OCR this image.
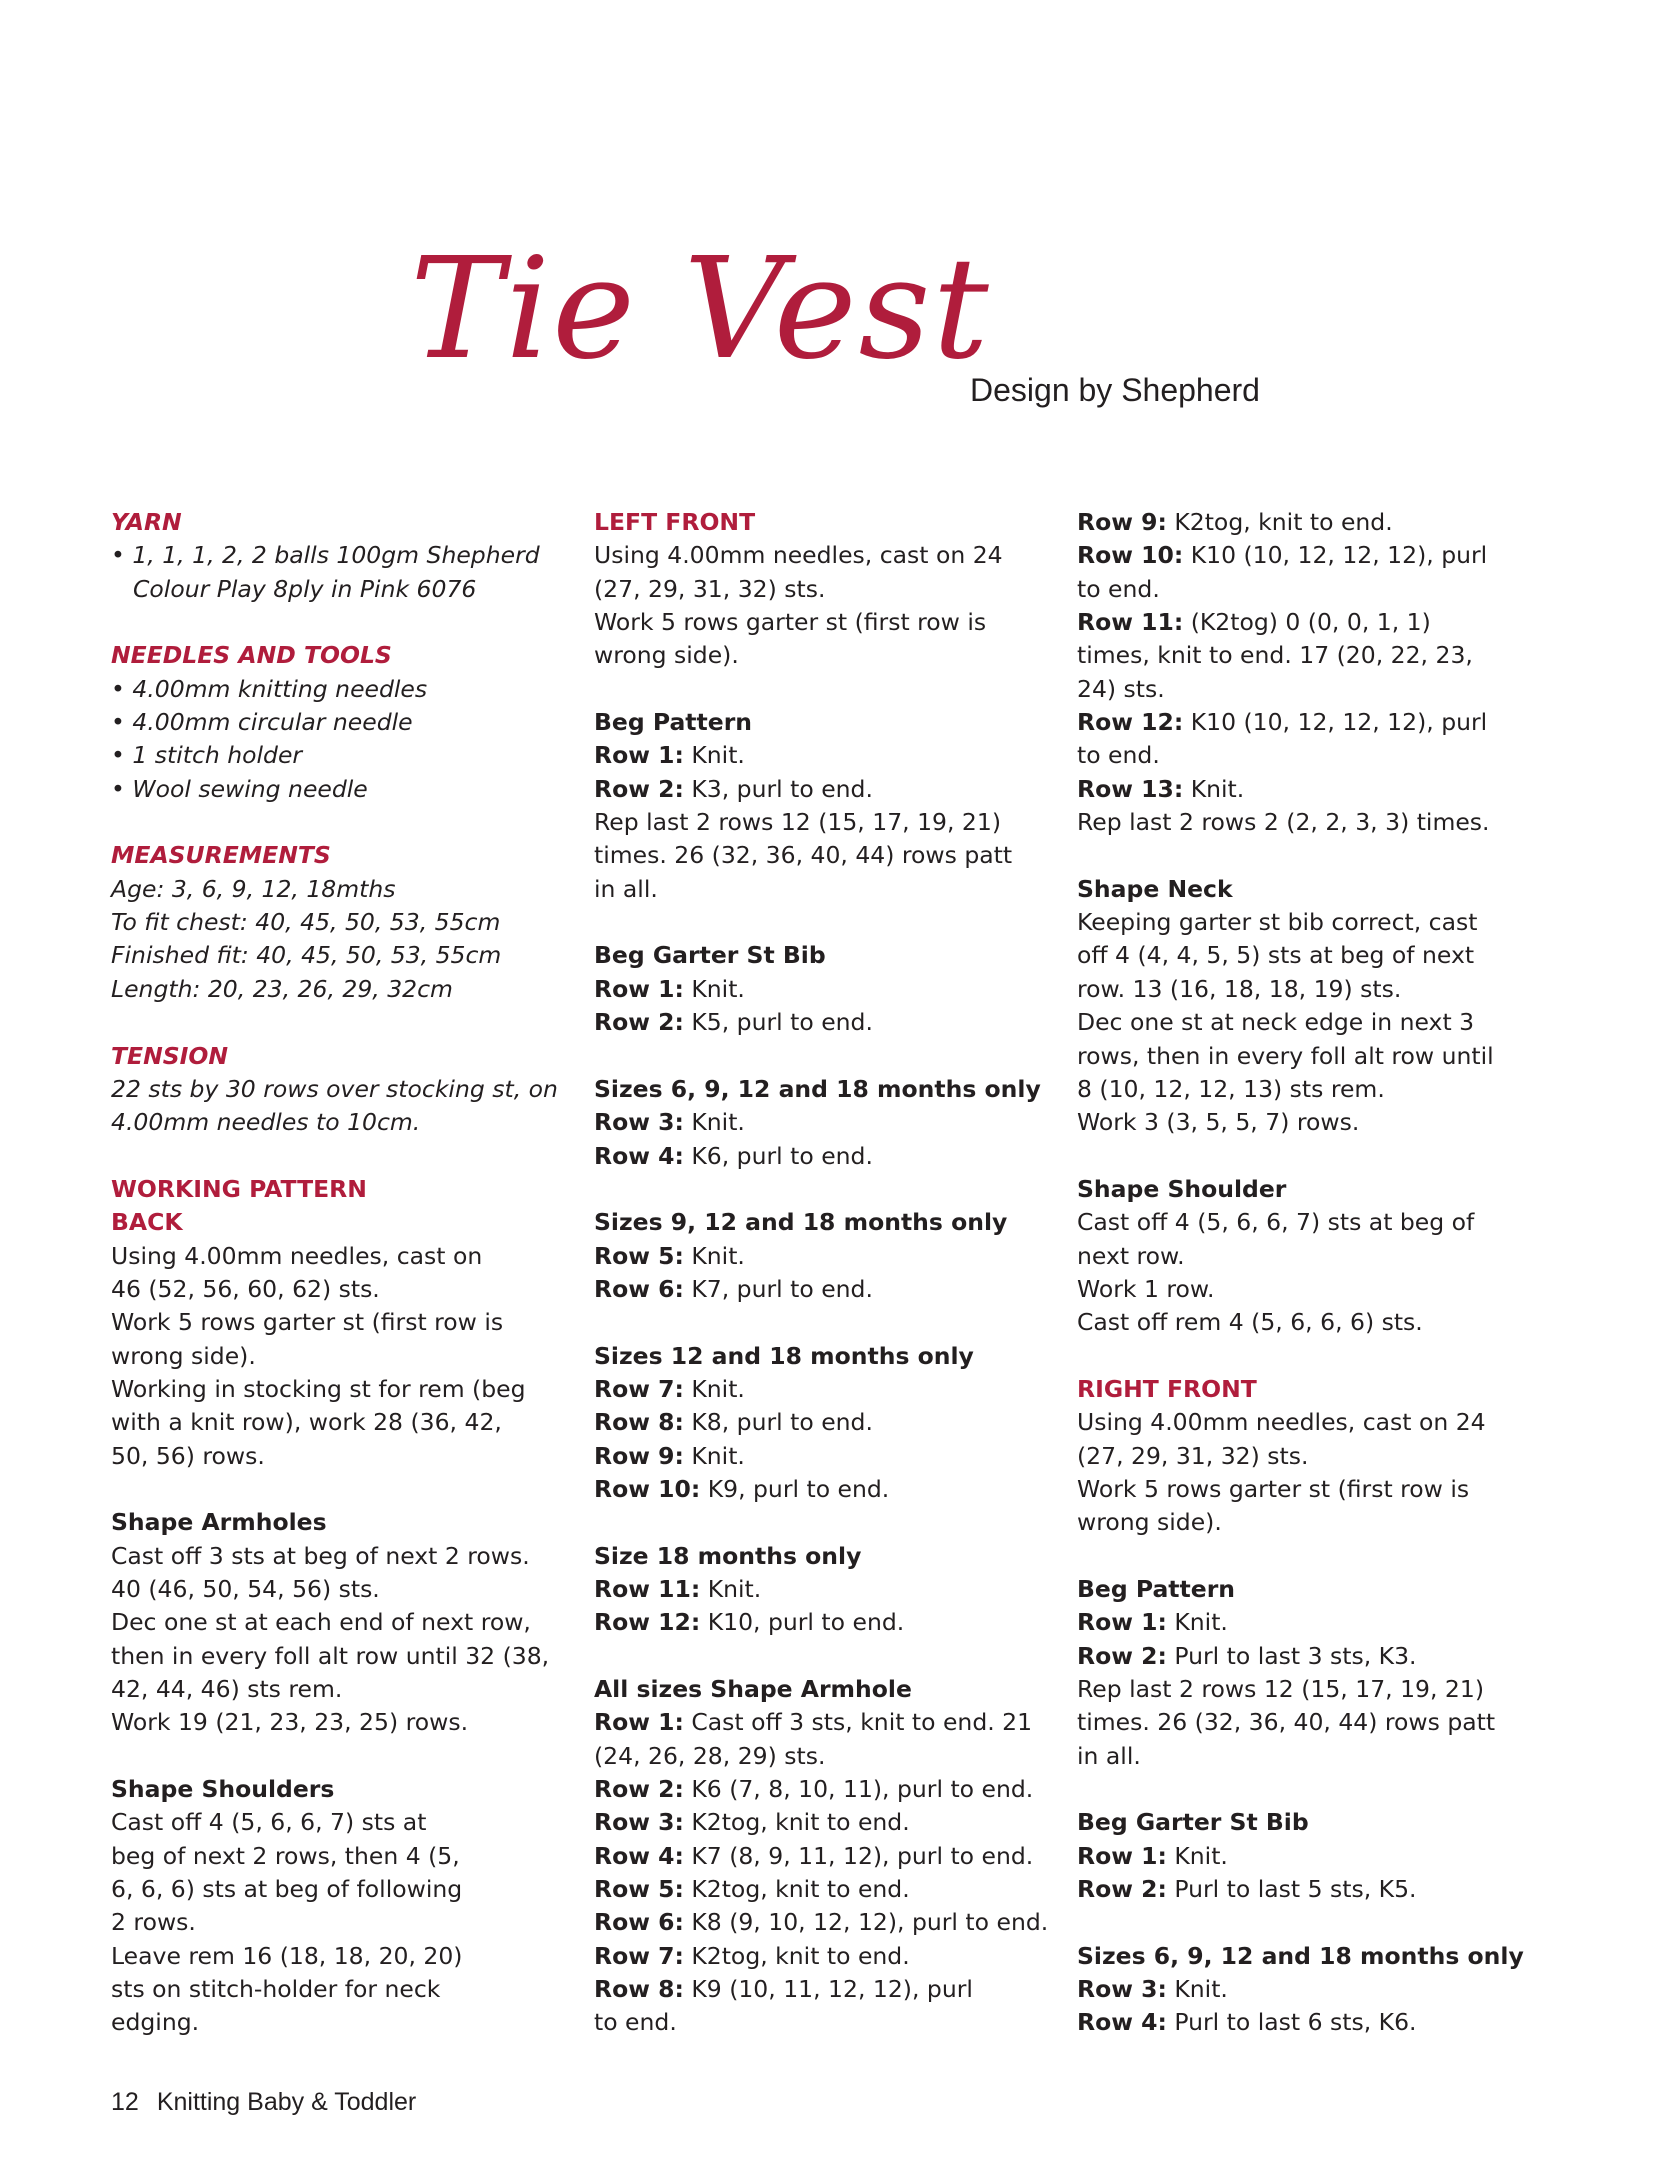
Tie Vest
Design by Shepherd
YARN
• 1, 1, 1, 2, 2 balls 100gm Shepherd
Colour Play 8ply in Pink 6076
NEEDLES AND TOOLS
• 4.00mm knitting needles
• 4.00mm circular needle
• 1 stitch holder
• Wool sewing needle
MEASUREMENTS
Age: 3, 6, 9, 12, 18mths
To fit chest: 40, 45, 50, 53, 55cm
Finished fit: 40, 45, 50, 53, 55cm
Length: 20, 23, 26, 29, 32cm
TENSION
22 sts by 30 rows over stocking st, on
4.00mm needles to 10cm.
WORKING PATTERN
BACK
Using 4.00mm needles, cast on
46 (52, 56, 60, 62) sts.
Work 5 rows garter st (first row is
wrong side).
Working in stocking st for rem (beg
with a knit row), work 28 (36, 42,
50, 56) rows.
Shape Armholes
Cast off 3 sts at beg of next 2 rows.
40 (46, 50, 54, 56) sts.
Dec one st at each end of next row,
then in every foll alt row until 32 (38,
42, 44, 46) sts rem.
Work 19 (21, 23, 23, 25) rows.
Shape Shoulders
Cast off 4 (5, 6, 6, 7) sts at
beg of next 2 rows, then 4 (5,
6, 6, 6) sts at beg of following
2 rows.
Leave rem 16 (18, 18, 20, 20)
sts on stitch-holder for neck
edging.
LEFT FRONT
Using 4.00mm needles, cast on 24
(27, 29, 31, 32) sts.
Work 5 rows garter st (first row is
wrong side).
Beg Pattern
Row 1: Knit.
Row 2: K3, purl to end.
Rep last 2 rows 12 (15, 17, 19, 21)
times. 26 (32, 36, 40, 44) rows patt
in all.
Beg Garter St Bib
Row 1: Knit.
Row 2: K5, purl to end.
Sizes 6, 9, 12 and 18 months only
Row 3: Knit.
Row 4: K6, purl to end.
Sizes 9, 12 and 18 months only
Row 5: Knit.
Row 6: K7, purl to end.
Sizes 12 and 18 months only
Row 7: Knit.
Row 8: K8, purl to end.
Row 9: Knit.
Row 10: K9, purl to end.
Size 18 months only
Row 11: Knit.
Row 12: K10, purl to end.
All sizes Shape Armhole
Row 1: Cast off 3 sts, knit to end. 21
(24, 26, 28, 29) sts.
Row 2: K6 (7, 8, 10, 11), purl to end.
Row 3: K2tog, knit to end.
Row 4: K7 (8, 9, 11, 12), purl to end.
Row 5: K2tog, knit to end.
Row 6: K8 (9, 10, 12, 12), purl to end.
Row 7: K2tog, knit to end.
Row 8: K9 (10, 11, 12, 12), purl
to end.
Row 9: K2tog, knit to end.
Row 10: K10 (10, 12, 12, 12), purl
to end.
Row 11: (K2tog) 0 (0, 0, 1, 1)
times, knit to end. 17 (20, 22, 23,
24) sts.
Row 12: K10 (10, 12, 12, 12), purl
to end.
Row 13: Knit.
Rep last 2 rows 2 (2, 2, 3, 3) times.
Shape Neck
Keeping garter st bib correct, cast
off 4 (4, 4, 5, 5) sts at beg of next
row. 13 (16, 18, 18, 19) sts.
Dec one st at neck edge in next 3
rows, then in every foll alt row until
8 (10, 12, 12, 13) sts rem.
Work 3 (3, 5, 5, 7) rows.
Shape Shoulder
Cast off 4 (5, 6, 6, 7) sts at beg of
next row.
Work 1 row.
Cast off rem 4 (5, 6, 6, 6) sts.
RIGHT FRONT
Using 4.00mm needles, cast on 24
(27, 29, 31, 32) sts.
Work 5 rows garter st (first row is
wrong side).
Beg Pattern
Row 1: Knit.
Row 2: Purl to last 3 sts, K3.
Rep last 2 rows 12 (15, 17, 19, 21)
times. 26 (32, 36, 40, 44) rows patt
in all.
Beg Garter St Bib
Row 1: Knit.
Row 2: Purl to last 5 sts, K5.
Sizes 6, 9, 12 and 18 months only
Row 3: Knit.
Row 4: Purl to last 6 sts, K6.
12 Knitting Baby & Toddler
